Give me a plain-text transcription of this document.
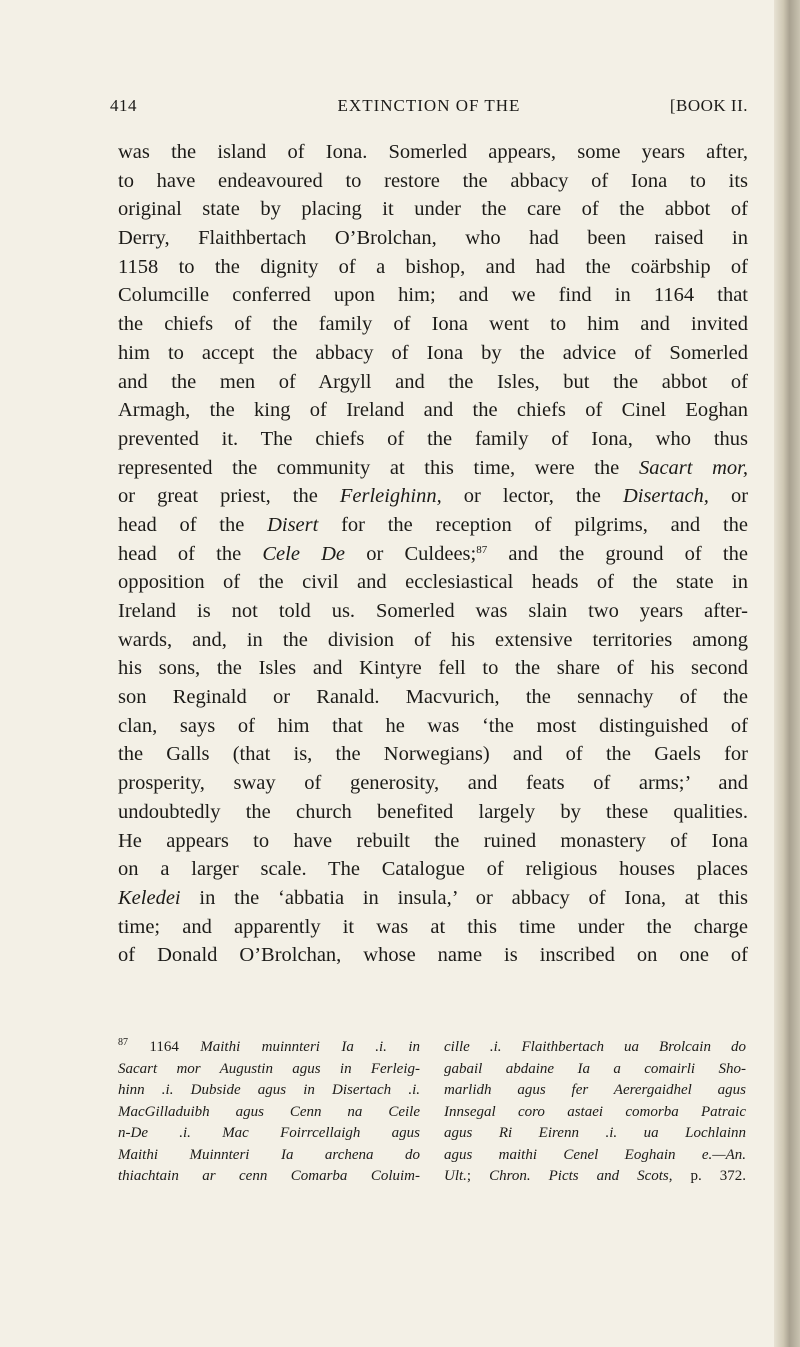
414	EXTINCTION OF THE	[BOOK II.
was the island of Iona. Somerled appears, some years after,
to have endeavoured to restore the abbacy of Iona to its
original state by placing it under the care of the abbot of
Derry, Flaithbertach O’Brolchan, who had been raised in
1158 to the dignity of a bishop, and had the coärbship of
Columcille conferred upon him; and we find in 1164 that
the chiefs of the family of Iona went to him and invited
him to accept the abbacy of Iona by the advice of Somerled
and the men of Argyll and the Isles, but the abbot of
Armagh, the king of Ireland and the chiefs of Cinel Eoghan
prevented it. The chiefs of the family of Iona, who thus
represented the community at this time, were the Sacart mor,
or great priest, the Ferleighinn, or lector, the Disertach, or
head of the Disert for the reception of pilgrims, and the
head of the Cele De or Culdees;$^{87}$ and the ground of the
opposition of the civil and ecclesiastical heads of the state in
Ireland is not told us. Somerled was slain two years after-
wards, and, in the division of his extensive territories among
his sons, the Isles and Kintyre fell to the share of his second
son Reginald or Ranald. Macvurich, the sennachy of the
clan, says of him that he was ‘the most distinguished of
the Galls (that is, the Norwegians) and of the Gaels for
prosperity, sway of generosity, and feats of arms;’ and
undoubtedly the church benefited largely by these qualities.
He appears to have rebuilt the ruined monastery of Iona
on a larger scale. The Catalogue of religious houses places
Keledei in the ‘abbatia in insula,’ or abbacy of Iona, at this
time; and apparently it was at this time under the charge
of Donald O’Brolchan, whose name is inscribed on one of
$^{87}$ 1164 Maithi muinnteri Ia .i. in
Sacart mor Augustin agus in Ferleig-
hinn .i. Dubside agus in Disertach .i.
MacGilladuibh agus Cenn na Ceile
n-De .i. Mac Foirrcellaigh agus
Maithi Muinnteri Ia archena do
thiachtain ar cenn Comarba Coluim-
cille .i. Flaithbertach ua Brolcain do
gabail abdaine Ia a comairli Sho-
marlidh agus fer Aerergaidhel agus
Innsegal coro astaei comorba Patraic
agus Ri Eirenn .i. ua Lochlainn
agus maithi Cenel Eoghain e.—An.
Ult.; Chron. Picts and Scots, p. 372.
